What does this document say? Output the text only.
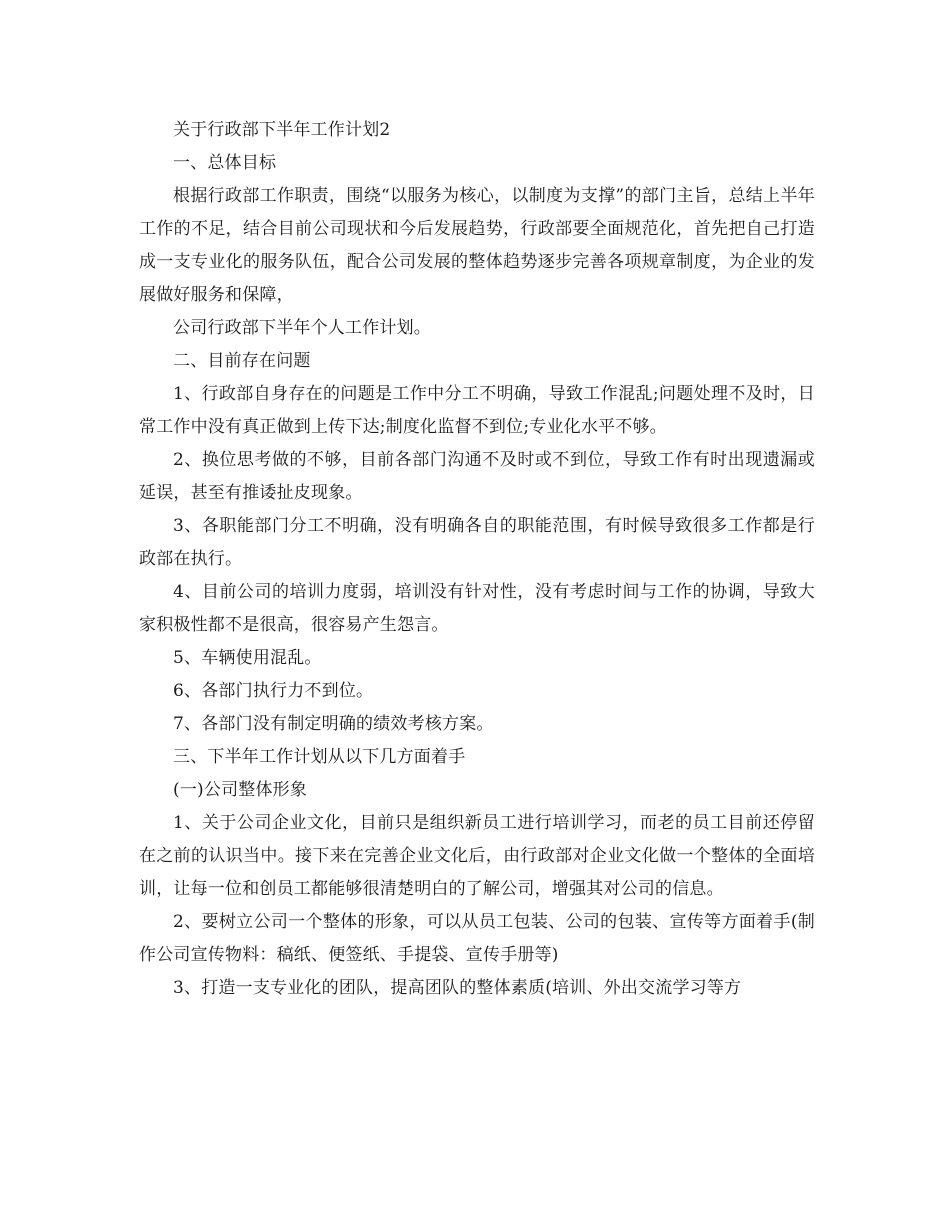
关于行政部下半年工作计划2

一、总体目标

根据行政部工作职责，围绕“以服务为核心，以制度为支撑”的部门主旨，总结上半年工作的不足，结合目前公司现状和今后发展趋势，行政部要全面规范化，首先把自己打造成一支专业化的服务队伍，配合公司发展的整体趋势逐步完善各项规章制度，为企业的发展做好服务和保障，

公司行政部下半年个人工作计划。

二、目前存在问题

1、行政部自身存在的问题是工作中分工不明确，导致工作混乱;问题处理不及时，日常工作中没有真正做到上传下达;制度化监督不到位;专业化水平不够。

2、换位思考做的不够，目前各部门沟通不及时或不到位，导致工作有时出现遗漏或延误，甚至有推诿扯皮现象。

3、各职能部门分工不明确，没有明确各自的职能范围，有时候导致很多工作都是行政部在执行。

4、目前公司的培训力度弱，培训没有针对性，没有考虑时间与工作的协调，导致大家积极性都不是很高，很容易产生怨言。

5、车辆使用混乱。

6、各部门执行力不到位。

7、各部门没有制定明确的绩效考核方案。

三、下半年工作计划从以下几方面着手

(一)公司整体形象

1、关于公司企业文化，目前只是组织新员工进行培训学习，而老的员工目前还停留在之前的认识当中。接下来在完善企业文化后，由行政部对企业文化做一个整体的全面培训，让每一位和创员工都能够很清楚明白的了解公司，增强其对公司的信息。

2、要树立公司一个整体的形象，可以从员工包装、公司的包装、宣传等方面着手(制作公司宣传物料：稿纸、便签纸、手提袋、宣传手册等)

3、打造一支专业化的团队，提高团队的整体素质(培训、外出交流学习等方
